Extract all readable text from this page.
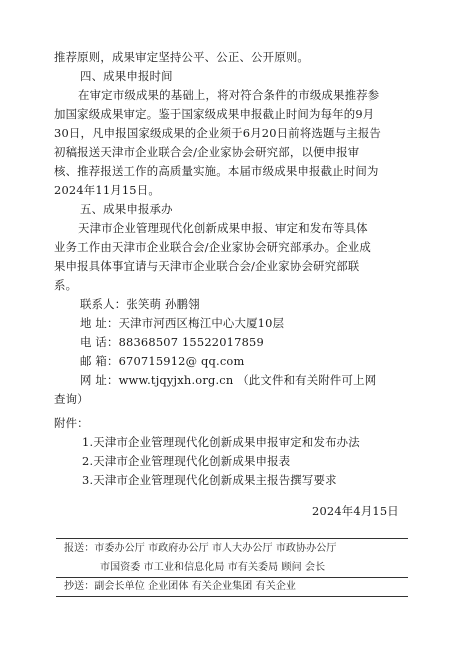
推荐原则，成果审定坚持公平、公正、公开原则。
四、成果申报时间
在审定市级成果的基础上，将对符合条件的市级成果推荐参
加国家级成果审定。鉴于国家级成果申报截止时间为每年的9月
30日，凡申报国家级成果的企业须于6月20日前将选题与主报告
初稿报送天津市企业联合会/企业家协会研究部，以便申报审
核、推荐报送工作的高质量实施。本届市级成果申报截止时间为
2024年11月15日。
五、成果申报承办
天津市企业管理现代化创新成果申报、审定和发布等具体
业务工作由天津市企业联合会/企业家协会研究部承办。企业成
果申报具体事宜请与天津市企业联合会/企业家协会研究部联
系。
联系人：张笑萌 孙鹏翎
地 址：天津市河西区梅江中心大厦10层
电 话：88368507 15522017859
邮 箱：670715912@ qq.com
网 址：www.tjqyjxh.org.cn （此文件和有关附件可上网
查询）
附件：
1.天津市企业管理现代化创新成果申报审定和发布办法
2.天津市企业管理现代化创新成果申报表
3.天津市企业管理现代化创新成果主报告撰写要求
2024年4月15日
报送：市委办公厅 市政府办公厅 市人大办公厅 市政协办公厅
市国资委 市工业和信息化局 市有关委局 顾问 会长
抄送：副会长单位 企业团体 有关企业集团 有关企业
